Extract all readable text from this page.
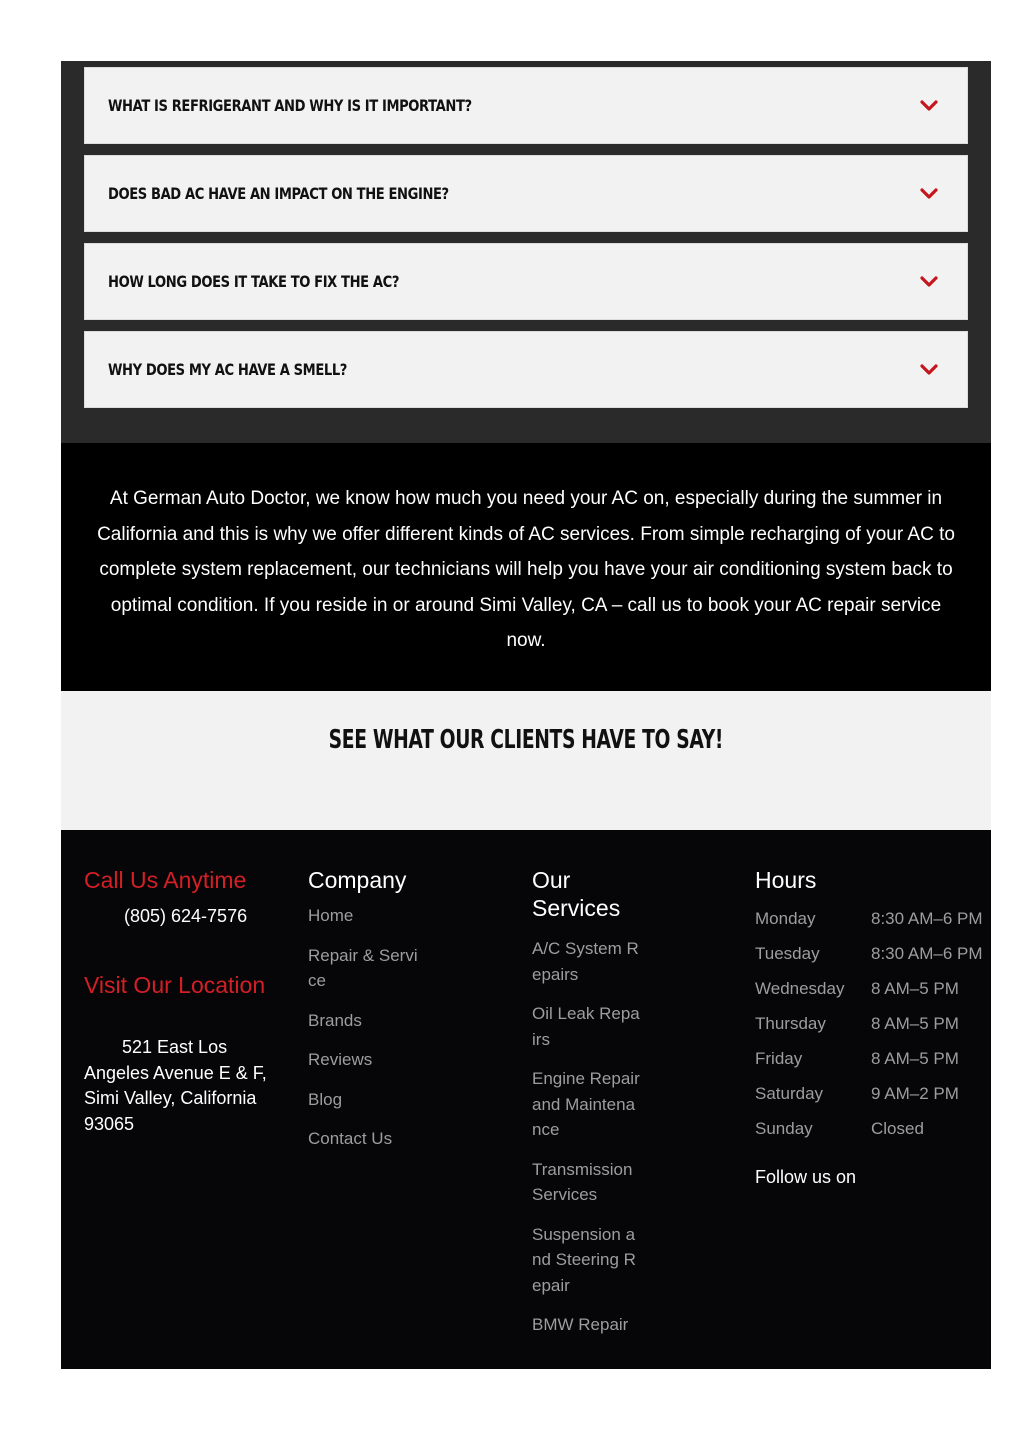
WHAT IS REFRIGERANT AND WHY IS IT IMPORTANT?
DOES BAD AC HAVE AN IMPACT ON THE ENGINE?
HOW LONG DOES IT TAKE TO FIX THE AC?
WHY DOES MY AC HAVE A SMELL?

At German Auto Doctor, we know how much you need your AC on, especially during the summer in California and this is why we offer different kinds of AC services. From simple recharging of your AC to complete system replacement, our technicians will help you have your air conditioning system back to optimal condition. If you reside in or around Simi Valley, CA – call us to book your AC repair service now.

SEE WHAT OUR CLIENTS HAVE TO SAY!
Call Us Anytime
(805) 624-7576
Visit Our Location
521 East Los Angeles Avenue E & F, Simi Valley, California 93065
Company
Home
Repair & Service
Brands
Reviews
Blog
Contact Us
Our Services
A/C System Repairs
Oil Leak Repairs
Engine Repair and Maintenance
Transmission Services
Suspension and Steering Repair
BMW Repair
Hours
Monday	8:30 AM–6 PM
Tuesday	8:30 AM–6 PM
Wednesday	8 AM–5 PM
Thursday	8 AM–5 PM
Friday	8 AM–5 PM
Saturday	9 AM–2 PM
Sunday	Closed
Follow us on
